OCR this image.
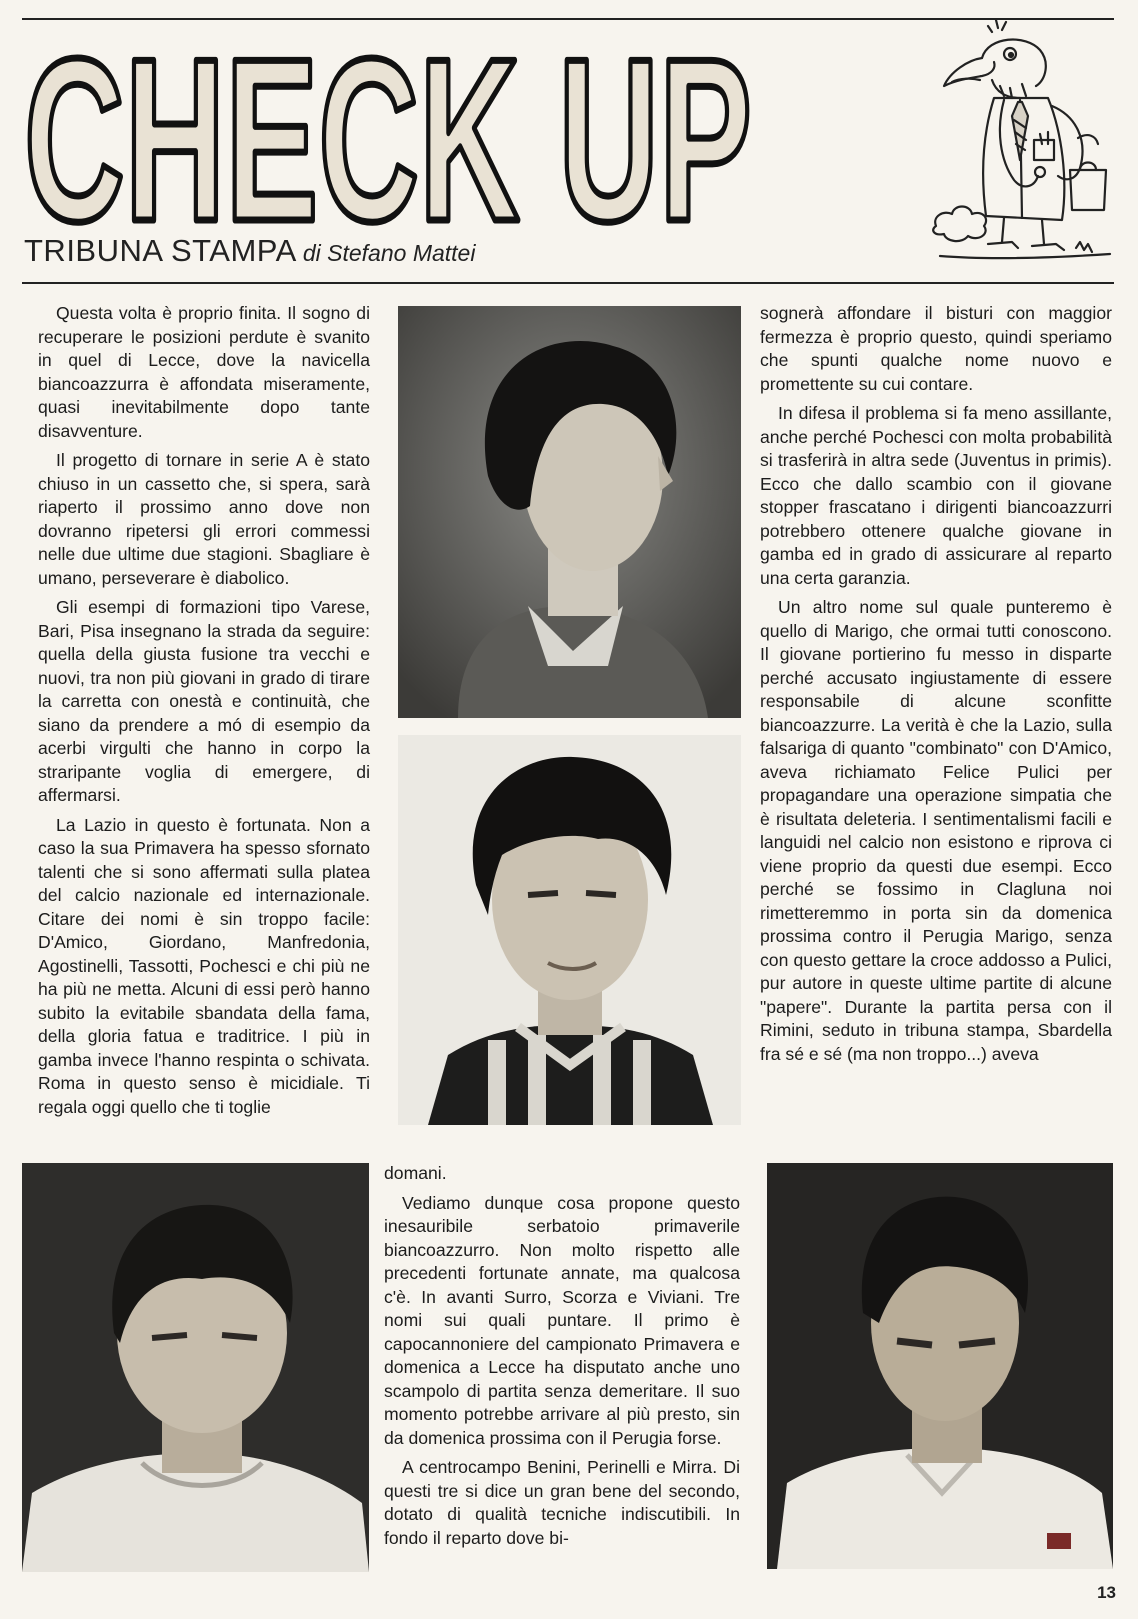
CHECK UP
TRIBUNA STAMPA di Stefano Mattei

Questa volta è proprio finita. Il sogno di recuperare le posizioni perdute è svanito in quel di Lecce, dove la navicella biancoazzurra è affondata miseramente, quasi inevitabilmente dopo tante disavventure.

Il progetto di tornare in serie A è stato chiuso in un cassetto che, si spera, sarà riaperto il prossimo anno dove non dovranno ripetersi gli errori commessi nelle due ultime due stagioni. Sbagliare è umano, perseverare è diabolico.

Gli esempi di formazioni tipo Varese, Bari, Pisa insegnano la strada da seguire: quella della giusta fusione tra vecchi e nuovi, tra non più giovani in grado di tirare la carretta con onestà e continuità, che siano da prendere a mó di esempio da acerbi virgulti che hanno in corpo la straripante voglia di emergere, di affermarsi.

La Lazio in questo è fortunata. Non a caso la sua Primavera ha spesso sfornato talenti che si sono affermati sulla platea del calcio nazionale ed internazionale. Citare dei nomi è sin troppo facile: D'Amico, Giordano, Manfredonia, Agostinelli, Tassotti, Pochesci e chi più ne ha più ne metta. Alcuni di essi però hanno subito la evitabile sbandata della fama, della gloria fatua e traditrice. I più in gamba invece l'hanno respinta o schivata. Roma in questo senso è micidiale. Ti regala oggi quello che ti toglie

sognerà affondare il bisturi con maggior fermezza è proprio questo, quindi speriamo che spunti qualche nome nuovo e promettente su cui contare.

In difesa il problema si fa meno assillante, anche perché Pochesci con molta probabilità si trasferirà in altra sede (Juventus in primis). Ecco che dallo scambio con il giovane stopper frascatano i dirigenti biancoazzurri potrebbero ottenere qualche giovane in gamba ed in grado di assicurare al reparto una certa garanzia.

Un altro nome sul quale punteremo è quello di Marigo, che ormai tutti conoscono. Il giovane portierino fu messo in disparte perché accusato ingiustamente di essere responsabile di alcune sconfitte biancoazzurre. La verità è che la Lazio, sulla falsariga di quanto "combinato" con D'Amico, aveva richiamato Felice Pulici per propagandare una operazione simpatia che è risultata deleteria. I sentimentalismi facili e languidi nel calcio non esistono e riprova ci viene proprio da questi due esempi. Ecco perché se fossimo in Clagluna noi rimetteremmo in porta sin da domenica prossima contro il Perugia Marigo, senza con questo gettare la croce addosso a Pulici, pur autore in queste ultime partite di alcune "papere". Durante la partita persa con il Rimini, seduto in tribuna stampa, Sbardella fra sé e sé (ma non troppo...) aveva

domani.

Vediamo dunque cosa propone questo inesauribile serbatoio primaverile biancoazzurro. Non molto rispetto alle precedenti fortunate annate, ma qualcosa c'è. In avanti Surro, Scorza e Viviani. Tre nomi sui quali puntare. Il primo è capocannoniere del campionato Primavera e domenica a Lecce ha disputato anche uno scampolo di partita senza demeritare. Il suo momento potrebbe arrivare al più presto, sin da domenica prossima con il Perugia forse.

A centrocampo Benini, Perinelli e Mirra. Di questi tre si dice un gran bene del secondo, dotato di qualità tecniche indiscutibili. In fondo il reparto dove bi-

13
